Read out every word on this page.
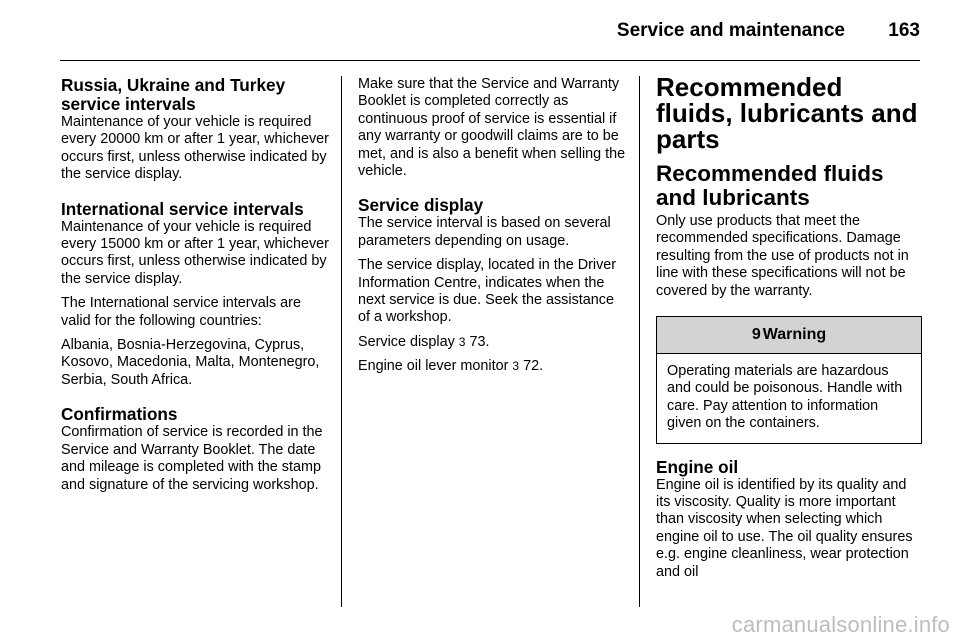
Service and maintenance 163
Russia, Ukraine and Turkey service intervals

Maintenance of your vehicle is required every 20000 km or after 1 year, whichever occurs first, unless otherwise indicated by the service display.

International service intervals

Maintenance of your vehicle is required every 15000 km or after 1 year, whichever occurs first, unless otherwise indicated by the service display.

The International service intervals are valid for the following countries:

Albania, Bosnia-Herzegovina, Cyprus, Kosovo, Macedonia, Malta, Montenegro, Serbia, South Africa.

Confirmations

Confirmation of service is recorded in the Service and Warranty Booklet. The date and mileage is completed with the stamp and signature of the servicing workshop.

Make sure that the Service and Warranty Booklet is completed correctly as continuous proof of service is essential if any warranty or goodwill claims are to be met, and is also a benefit when selling the vehicle.

Service display

The service interval is based on several parameters depending on usage.

The service display, located in the Driver Information Centre, indicates when the next service is due. Seek the assistance of a workshop.

Service display 3 73.

Engine oil lever monitor 3 72.

Recommended fluids, lubricants and parts
Recommended fluids and lubricants

Only use products that meet the recommended specifications. Damage resulting from the use of products not in line with these specifications will not be covered by the warranty.

9 Warning
Operating materials are hazardous and could be poisonous. Handle with care. Pay attention to information given on the containers.
Engine oil

Engine oil is identified by its quality and its viscosity. Quality is more important than viscosity when selecting which engine oil to use. The oil quality ensures e.g. engine cleanliness, wear protection and oil

carmanualsonline.info
